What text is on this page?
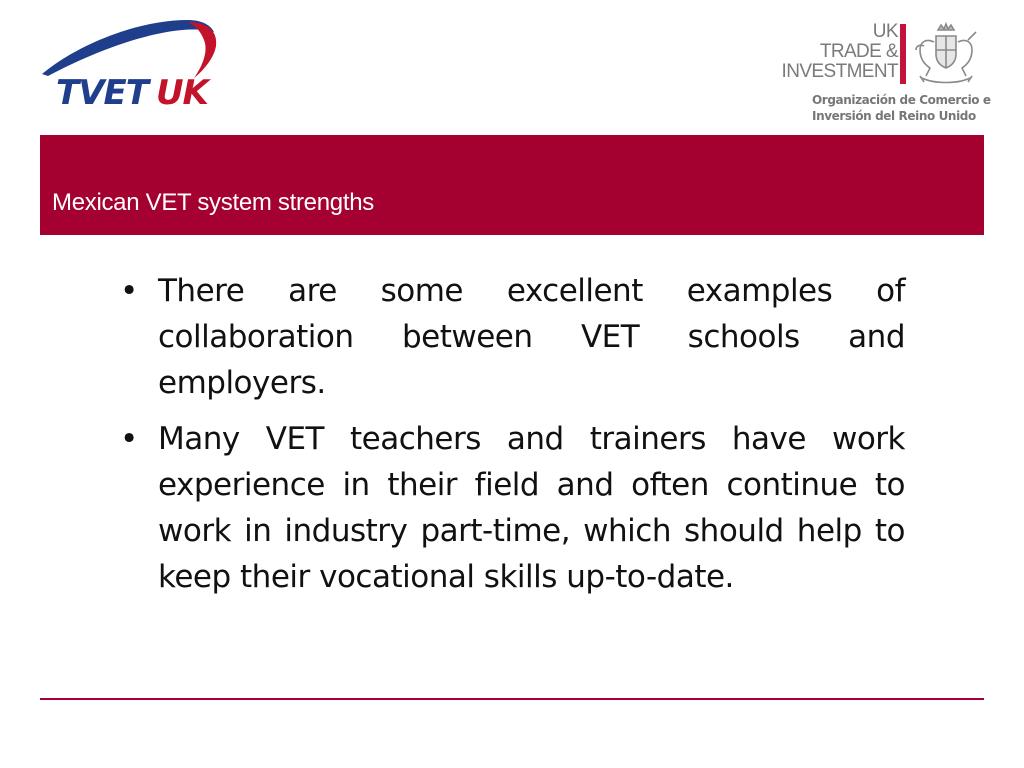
TVET UK
UK
TRADE &
INVESTMENT
Organización de Comercio e
Inversión del Reino Unido
Mexican VET system strengths
• There are some excellent examples of collaboration between VET schools and employers.
• Many VET teachers and trainers have work experience in their field and often continue to work in industry part-time, which should help to keep their vocational skills up-to-date.
